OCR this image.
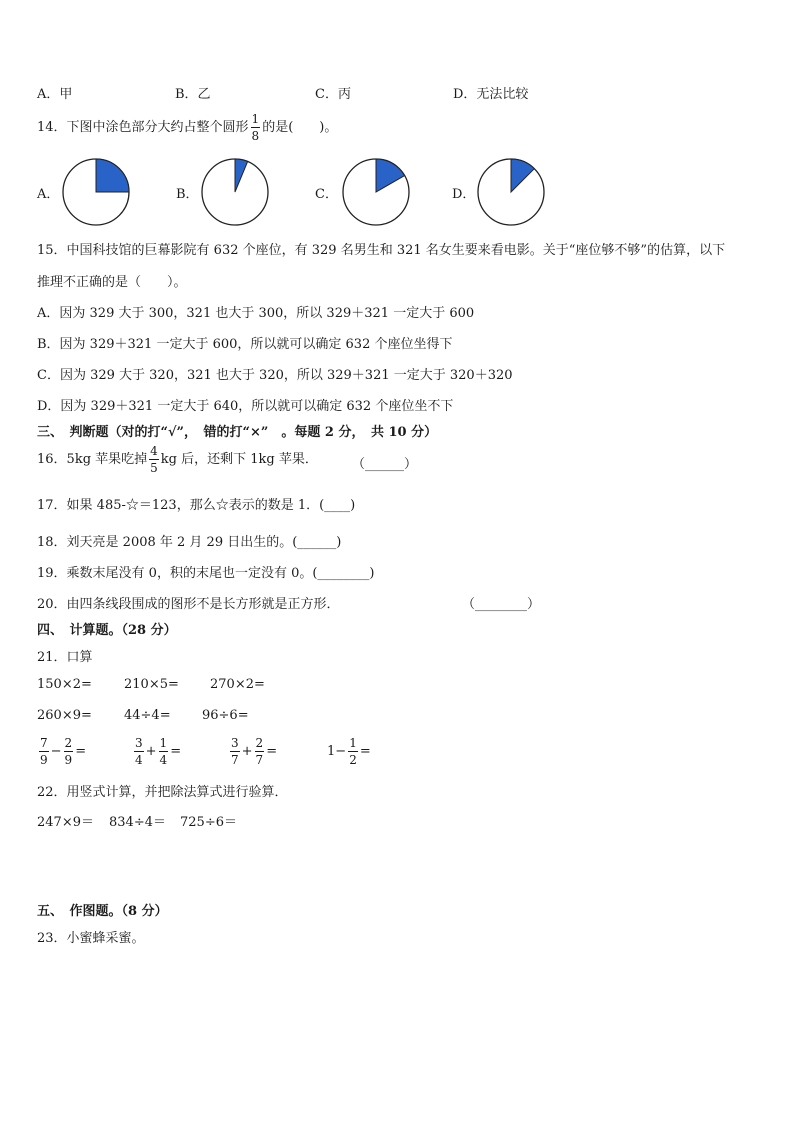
A．甲	B．乙	C．丙	D．无法比较
14．下图中涂色部分大约占整个圆形 $\frac{1}{8}$ 的是(　　)。
A．	B．	C．	D．
15．中国科技馆的巨幕影院有 632 个座位，有 329 名男生和 321 名女生要来看电影。关于“座位够不够”的估算，以下
推理不正确的是（　　）。
A．因为 329 大于 300，321 也大于 300，所以 329＋321 一定大于 600
B．因为 329＋321 一定大于 600，所以就可以确定 632 个座位坐得下
C．因为 329 大于 320，321 也大于 320，所以 329＋321 一定大于 320＋320
D．因为 329＋321 一定大于 640，所以就可以确定 632 个座位坐不下
三、　判断题（对的打“√”，　错的打“×”　。每题 2 分，　共 10 分）
16．5kg 苹果吃掉 $\frac{4}{5}$ kg 后，还剩下 1kg 苹果．	（______）
17．如果 485-☆＝123，那么☆表示的数是 1．(____)
18．刘天亮是 2008 年 2 月 29 日出生的。(______)
19．乘数末尾没有 0，积的末尾也一定没有 0。(________)
20．由四条线段围成的图形不是长方形就是正方形．	（________）
四、　计算题。（28 分）
21．口算
150×2= 210×5= 270×2=
260×9= 44÷4= 96÷6=
$\frac{7}{9} - \frac{2}{9}$ =	$\frac{3}{4} + \frac{1}{4}$ =	$\frac{3}{7} + \frac{2}{7}$ =	$1- \frac{1}{2}$ =
22．用竖式计算，并把除法算式进行验算．
247×9＝ 834÷4＝ 725÷6＝
五、　作图题。（8 分）
23．小蜜蜂采蜜。
